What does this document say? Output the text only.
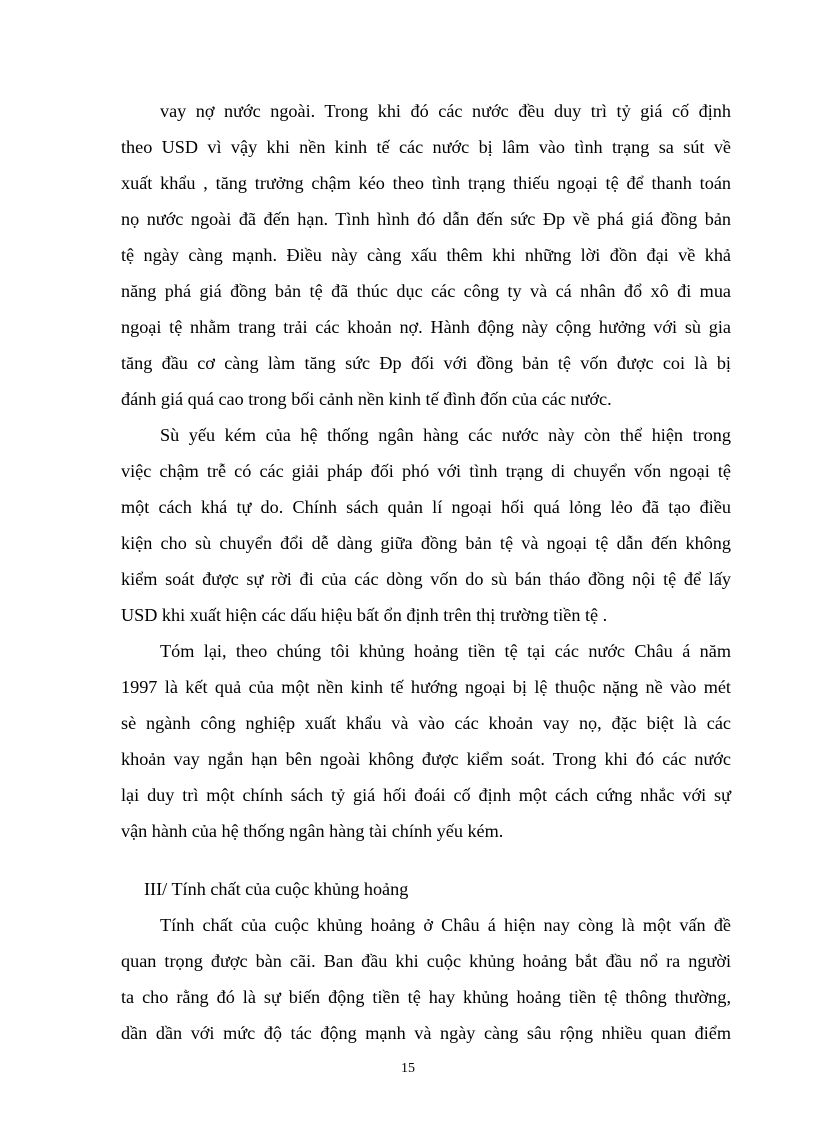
vay nợ nước ngoài. Trong khi đó các nước đều duy trì tỷ giá cố định
theo USD vì vậy khi nền kinh tế các nước bị lâm vào tình trạng sa sút về
xuất khẩu , tăng trưởng chậm kéo theo tình trạng thiếu ngoại tệ để thanh toán
nọ nước ngoài đã đến hạn. Tình hình đó dẫn đến sức Đp về phá giá đồng bản
tệ ngày càng mạnh. Điều này càng xấu thêm khi những lời đồn đại về khả
năng phá giá đồng bản tệ đã thúc dục các công ty và cá nhân đổ xô đi mua
ngoại tệ nhằm trang trải các khoản nợ. Hành động này cộng hưởng với sù gia
tăng đầu cơ càng làm tăng sức Đp đối với đồng bản tệ vốn được coi là bị
đánh giá quá cao trong bối cảnh nền kinh tế đình đốn của các nước.
Sù yếu kém của hệ thống ngân hàng các nước này còn thể hiện trong
việc chậm trễ có các giải pháp đối phó với tình trạng di chuyển vốn ngoại tệ
một cách khá tự do. Chính sách quản lí ngoại hối quá lỏng lẻo đã tạo điều
kiện cho sù chuyển đổi dễ dàng giữa đồng bản tệ và ngoại tệ dẫn đến không
kiểm soát được sự rời đi của các dòng vốn do sù bán tháo đồng nội tệ để lấy
USD khi xuất hiện các dấu hiệu bất ổn định trên thị trường tiền tệ .
Tóm lại, theo chúng tôi khủng hoảng tiền tệ tại các nước Châu á năm
1997 là kết quả của một nền kinh tế hướng ngoại bị lệ thuộc nặng nề vào mét
sè ngành công nghiệp xuất khẩu và vào các khoản vay nọ, đặc biệt là các
khoản vay ngắn hạn bên ngoài không được kiểm soát. Trong khi đó các nước
lại duy trì một chính sách tỷ giá hối đoái cố định một cách cứng nhắc với sự
vận hành của hệ thống ngân hàng tài chính yếu kém.
III/ Tính chất của cuộc khủng hoảng
Tính chất của cuộc khủng hoảng ở Châu á hiện nay còng là một vấn đề
quan trọng được bàn cãi. Ban đầu khi cuộc khủng hoảng bắt đầu nổ ra người
ta cho rằng đó là sự biến động tiền tệ hay khủng hoảng tiền tệ thông thường,
dần dần với mức độ tác động mạnh và ngày càng sâu rộng nhiều quan điểm
15
